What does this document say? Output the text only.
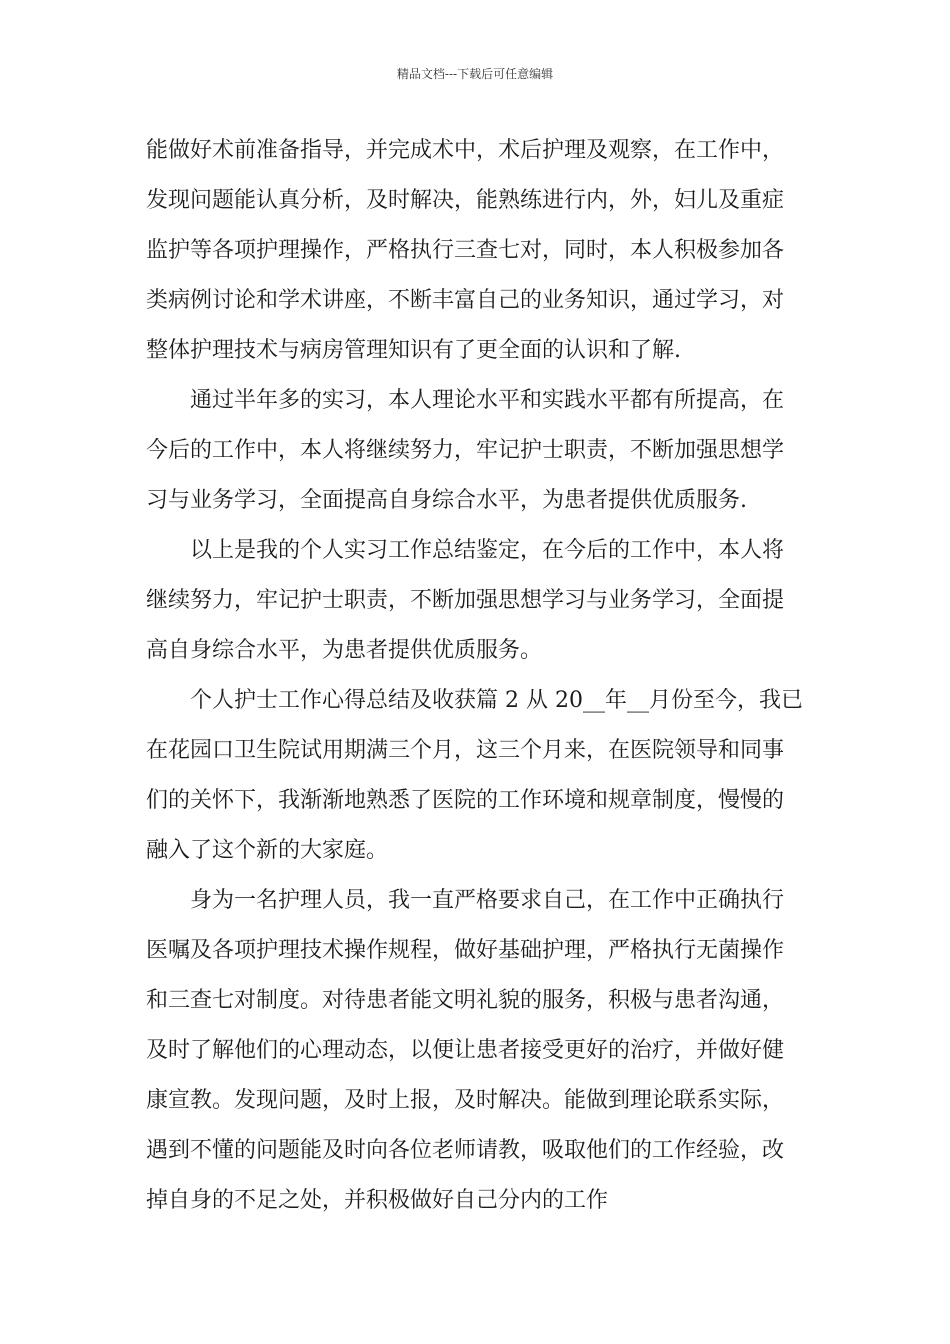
精品文档---下载后可任意编辑
能做好术前准备指导，并完成术中，术后护理及观察，在工作中，
发现问题能认真分析，及时解决，能熟练进行内，外，妇儿及重症
监护等各项护理操作，严格执行三查七对，同时，本人积极参加各
类病例讨论和学术讲座，不断丰富自己的业务知识，通过学习，对
整体护理技术与病房管理知识有了更全面的认识和了解.
通过半年多的实习，本人理论水平和实践水平都有所提高，在
今后的工作中，本人将继续努力，牢记护士职责，不断加强思想学
习与业务学习，全面提高自身综合水平，为患者提供优质服务.
以上是我的个人实习工作总结鉴定，在今后的工作中，本人将
继续努力，牢记护士职责，不断加强思想学习与业务学习，全面提
高自身综合水平，为患者提供优质服务。
个人护士工作心得总结及收获篇 2 从 20__年__月份至今，我已
在花园口卫生院试用期满三个月，这三个月来，在医院领导和同事
们的关怀下，我渐渐地熟悉了医院的工作环境和规章制度，慢慢的
融入了这个新的大家庭。
身为一名护理人员，我一直严格要求自己，在工作中正确执行
医嘱及各项护理技术操作规程，做好基础护理，严格执行无菌操作
和三查七对制度。对待患者能文明礼貌的服务，积极与患者沟通，
及时了解他们的心理动态，以便让患者接受更好的治疗，并做好健
康宣教。发现问题，及时上报，及时解决。能做到理论联系实际，
遇到不懂的问题能及时向各位老师请教，吸取他们的工作经验，改
掉自身的不足之处，并积极做好自己分内的工作
